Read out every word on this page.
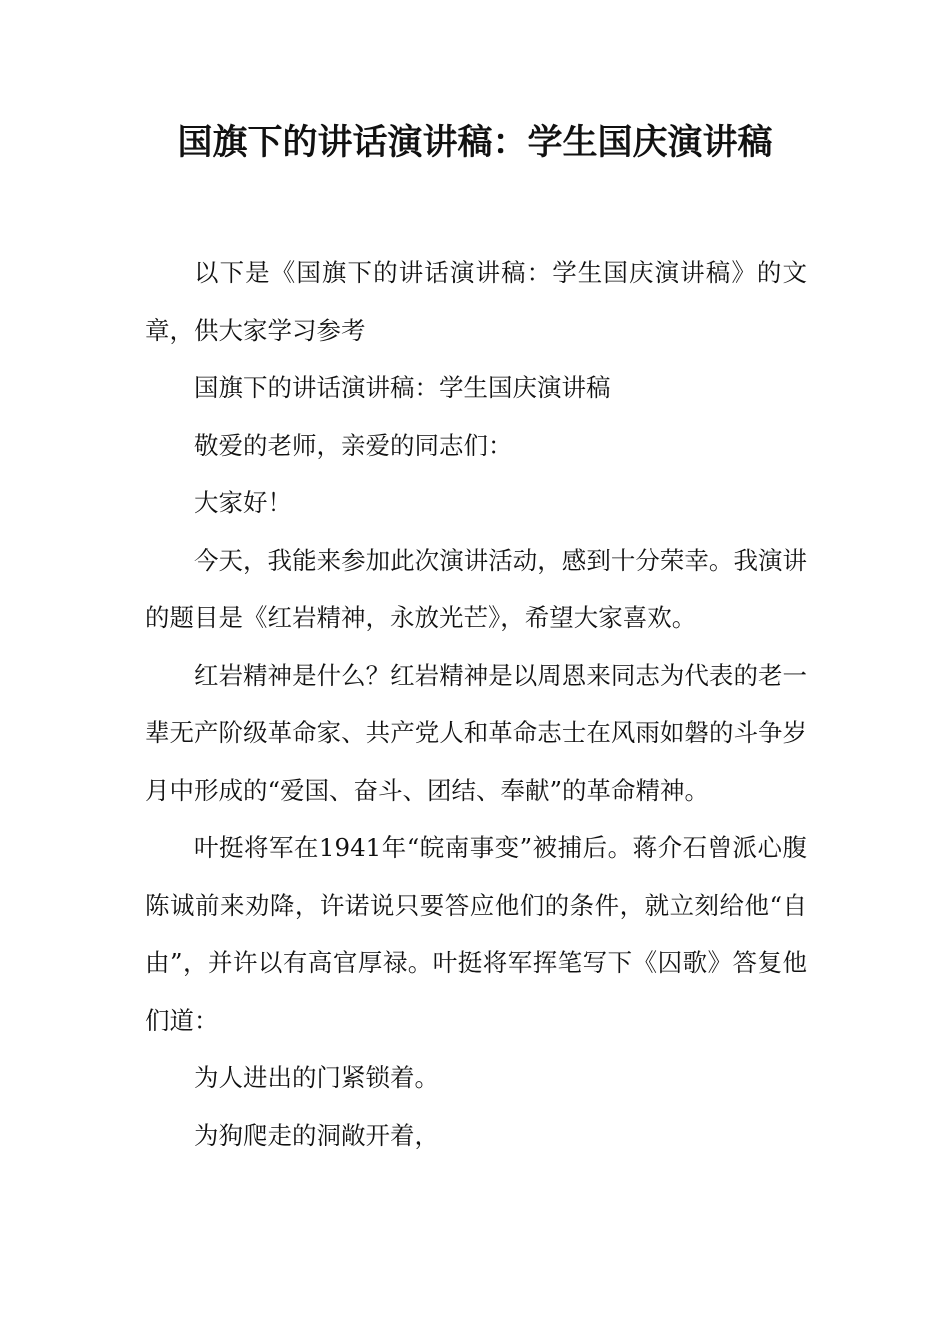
国旗下的讲话演讲稿：学生国庆演讲稿

以下是《国旗下的讲话演讲稿：学生国庆演讲稿》的文章，供大家学习参考

国旗下的讲话演讲稿：学生国庆演讲稿

敬爱的老师，亲爱的同志们：

大家好！

今天，我能来参加此次演讲活动，感到十分荣幸。我演讲的题目是《红岩精神，永放光芒》，希望大家喜欢。

红岩精神是什么？红岩精神是以周恩来同志为代表的老一辈无产阶级革命家、共产党人和革命志士在风雨如磐的斗争岁月中形成的“爱国、奋斗、团结、奉献”的革命精神。

叶挺将军在1941年“皖南事变”被捕后。蒋介石曾派心腹陈诚前来劝降，许诺说只要答应他们的条件，就立刻给他“自由”，并许以有高官厚禄。叶挺将军挥笔写下《囚歌》答复他们道：

为人进出的门紧锁着。

为狗爬走的洞敞开着，
